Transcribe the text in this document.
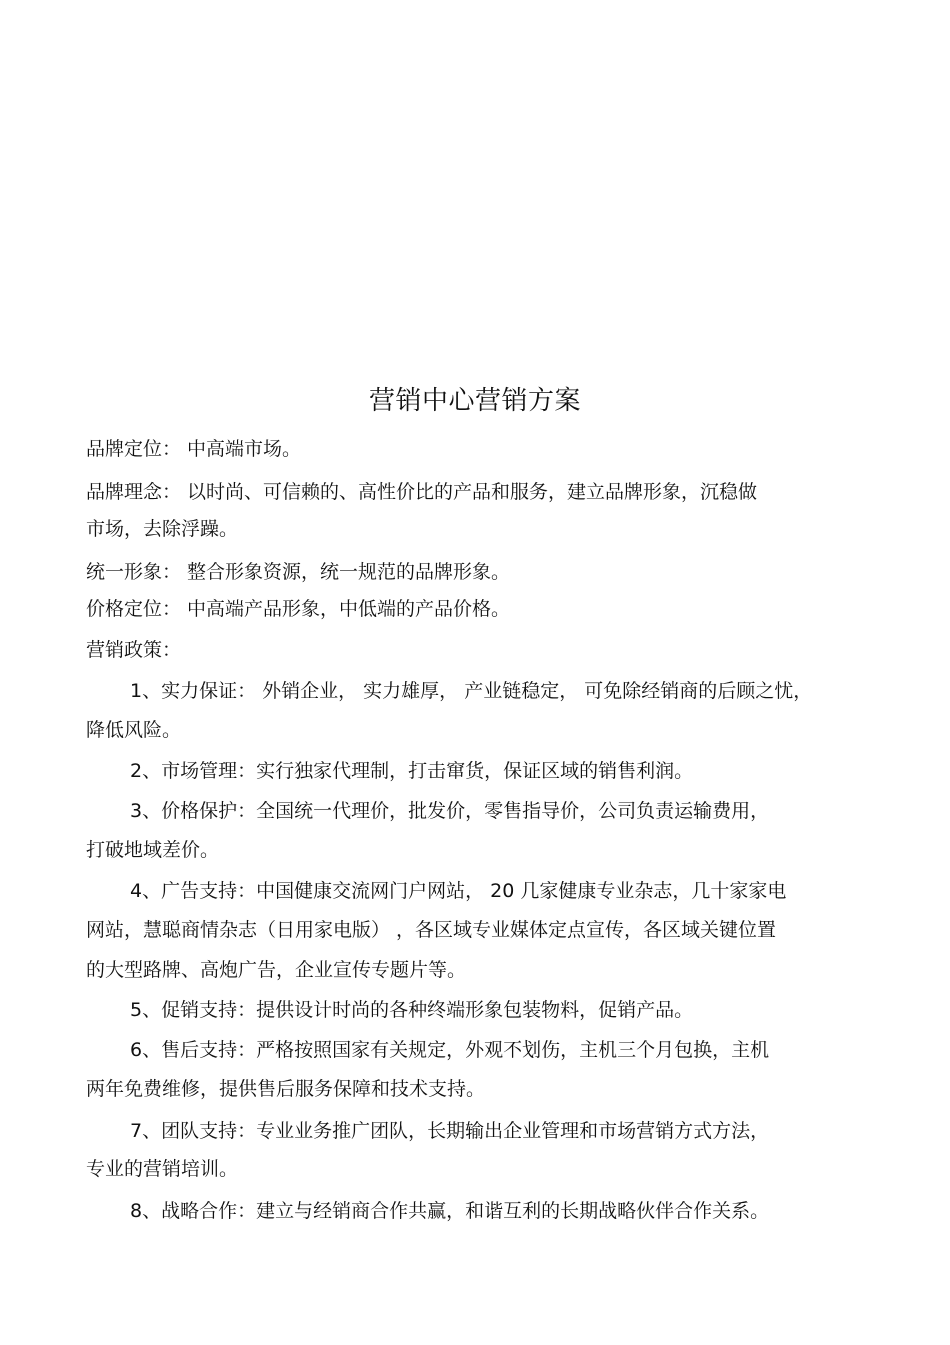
营销中心营销方案
品牌定位： 中高端市场。
品牌理念： 以时尚、可信赖的、高性价比的产品和服务，建立品牌形象，沉稳做
市场，去除浮躁。
统一形象： 整合形象资源，统一规范的品牌形象。
价格定位： 中高端产品形象，中低端的产品价格。
营销政策：
1、实力保证： 外销企业， 实力雄厚， 产业链稳定， 可免除经销商的后顾之忧，
降低风险。
2、市场管理：实行独家代理制，打击窜货，保证区域的销售利润。
3、价格保护：全国统一代理价，批发价，零售指导价，公司负责运输费用，
打破地域差价。
4、广告支持：中国健康交流网门户网站， 20 几家健康专业杂志，几十家家电
网站，慧聪商情杂志（日用家电版） ，各区域专业媒体定点宣传，各区域关键位置
的大型路牌、高炮广告，企业宣传专题片等。
5、促销支持：提供设计时尚的各种终端形象包装物料，促销产品。
6、售后支持：严格按照国家有关规定，外观不划伤，主机三个月包换，主机
两年免费维修，提供售后服务保障和技术支持。
7、团队支持：专业业务推广团队，长期输出企业管理和市场营销方式方法，
专业的营销培训。
8、战略合作：建立与经销商合作共赢，和谐互利的长期战略伙伴合作关系。
